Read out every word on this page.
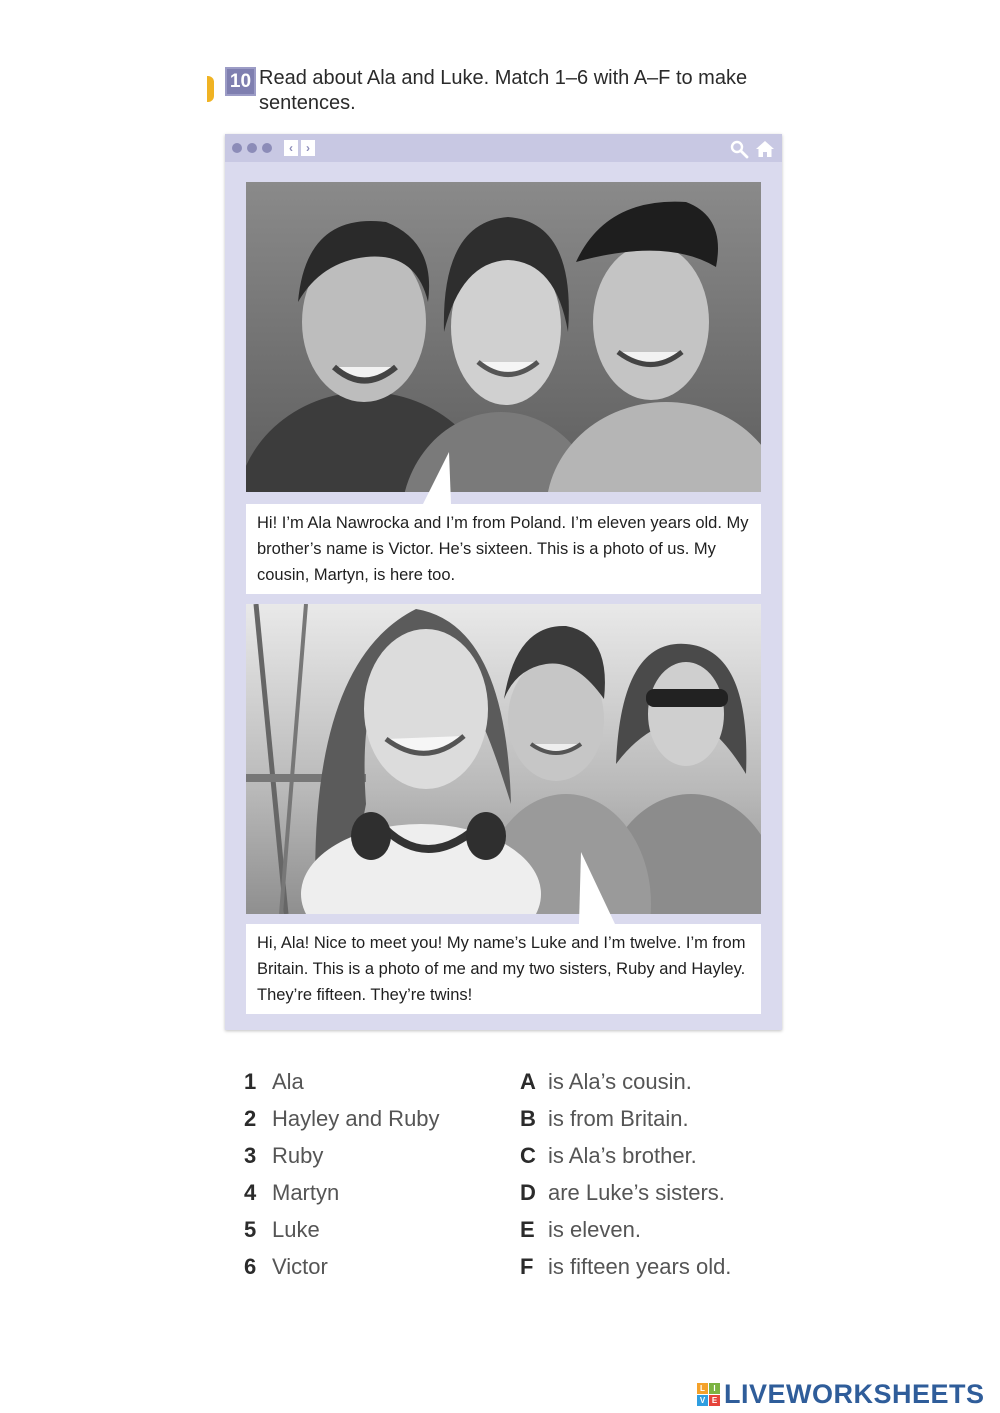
10 Read about Ala and Luke. Match 1–6 with A–F to make sentences.
‹	›
Hi! I’m Ala Nawrocka and I’m from Poland. I’m eleven years old. My brother’s name is Victor. He’s sixteen. This is a photo of us. My cousin, Martyn, is here too.
Hi, Ala! Nice to meet you! My name’s Luke and I’m twelve. I’m from Britain. This is a photo of me and my two sisters, Ruby and Hayley. They’re fifteen. They’re twins!
1 Ala
2 Hayley and Ruby
3 Ruby
4 Martyn
5 Luke
6 Victor
A is Ala’s cousin.
B is from Britain.
C is Ala’s brother.
D are Luke’s sisters.
E is eleven.
F is fifteen years old.
L	I
V E LIVEWORKSHEETS
